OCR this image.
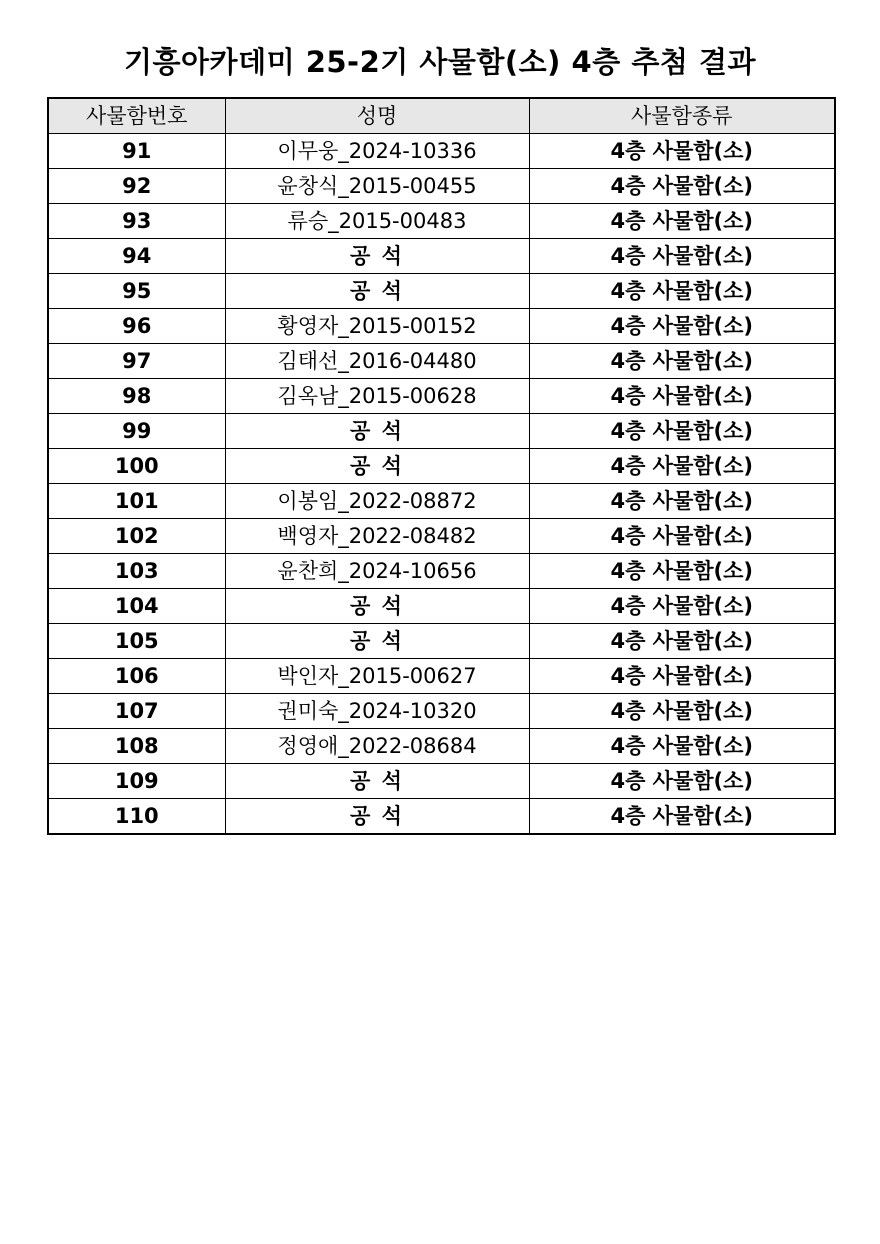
기흥아카데미 25-2기 사물함(소) 4층 추첨 결과
사물함번호	성명	사물함종류
91	이무웅_2024-10336	4층 사물함(소)
92	윤창식_2015-00455	4층 사물함(소)
93	류승_2015-00483	4층 사물함(소)
94	공 석	4층 사물함(소)
95	공 석	4층 사물함(소)
96	황영자_2015-00152	4층 사물함(소)
97	김태선_2016-04480	4층 사물함(소)
98	김옥남_2015-00628	4층 사물함(소)
99	공 석	4층 사물함(소)
100	공 석	4층 사물함(소)
101	이봉임_2022-08872	4층 사물함(소)
102	백영자_2022-08482	4층 사물함(소)
103	윤찬희_2024-10656	4층 사물함(소)
104	공 석	4층 사물함(소)
105	공 석	4층 사물함(소)
106	박인자_2015-00627	4층 사물함(소)
107	권미숙_2024-10320	4층 사물함(소)
108	정영애_2022-08684	4층 사물함(소)
109	공 석	4층 사물함(소)
110	공 석	4층 사물함(소)
